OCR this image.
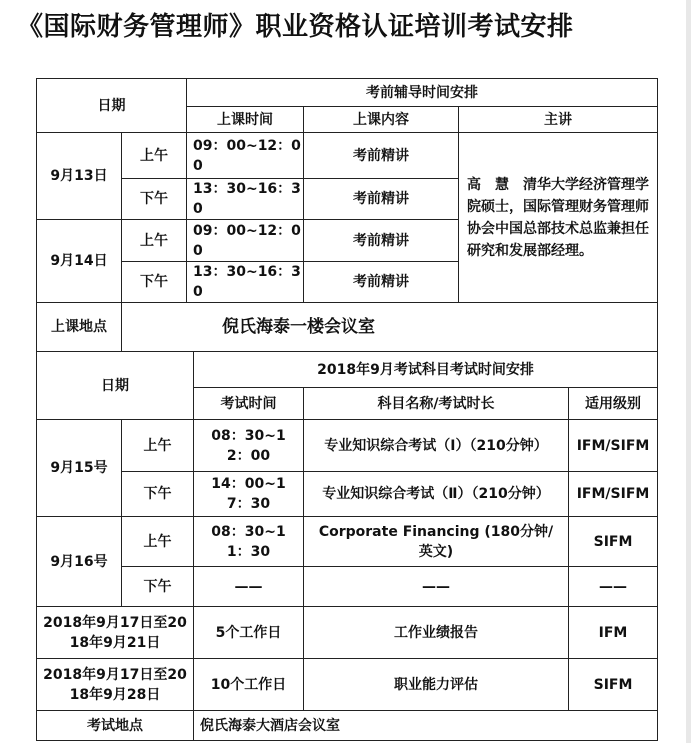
《国际财务管理师》职业资格认证培训考试安排
日期		考前辅导时间安排		
		上课时间	上课内容	主讲
9月13日	上午	09：00~12：00	考前精讲	高　慧　清华大学经济管理学院硕士，国际管理财务管理师协会中国总部技术总监兼担任研究和发展部经理。
	下午	13：30~16：30	考前精讲	
9月14日	上午	09：00~12：00	考前精讲	
	下午	13：30~16：30	考前精讲	
上课地点	倪氏海泰一楼会议室			
日期		2018年9月考试科目考试时间安排		
		考试时间	科目名称/考试时长	适用级别
9月15号	上午	08：30~12：00	专业知识综合考试（Ⅰ）（210分钟）	IFM/SIFM
	下午	14：00~17：30	专业知识综合考试（Ⅱ）（210分钟）	IFM/SIFM
9月16号	上午	08：30~11：30	Corporate Financing (180分钟/英文)	SIFM
	下午	——	——	——
2018年9月17日至2018年9月21日		5个工作日	工作业绩报告	IFM
2018年9月17日至2018年9月28日		10个工作日	职业能力评估	SIFM
考试地点		倪氏海泰大酒店会议室		
